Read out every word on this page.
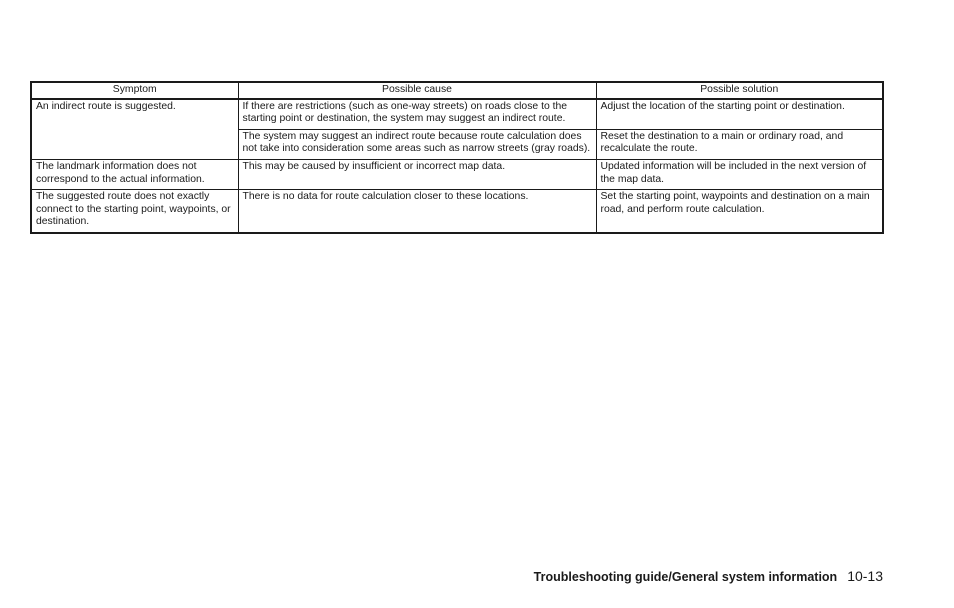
Symptom	Possible cause	Possible solution
An indirect route is suggested.	If there are restrictions (such as one-way streets) on roads close to the starting point or destination, the system may suggest an indirect route.	Adjust the location of the starting point or destination.
	The system may suggest an indirect route because route calculation does not take into consideration some areas such as narrow streets (gray roads).	Reset the destination to a main or ordinary road, and recalculate the route.
The landmark information does not correspond to the actual information.	This may be caused by insufficient or incorrect map data.	Updated information will be included in the next version of the map data.
The suggested route does not exactly connect to the starting point, waypoints, or destination.	There is no data for route calculation closer to these locations.	Set the starting point, waypoints and destination on a main road, and perform route calculation.
Troubleshooting guide/General system information 10-13
